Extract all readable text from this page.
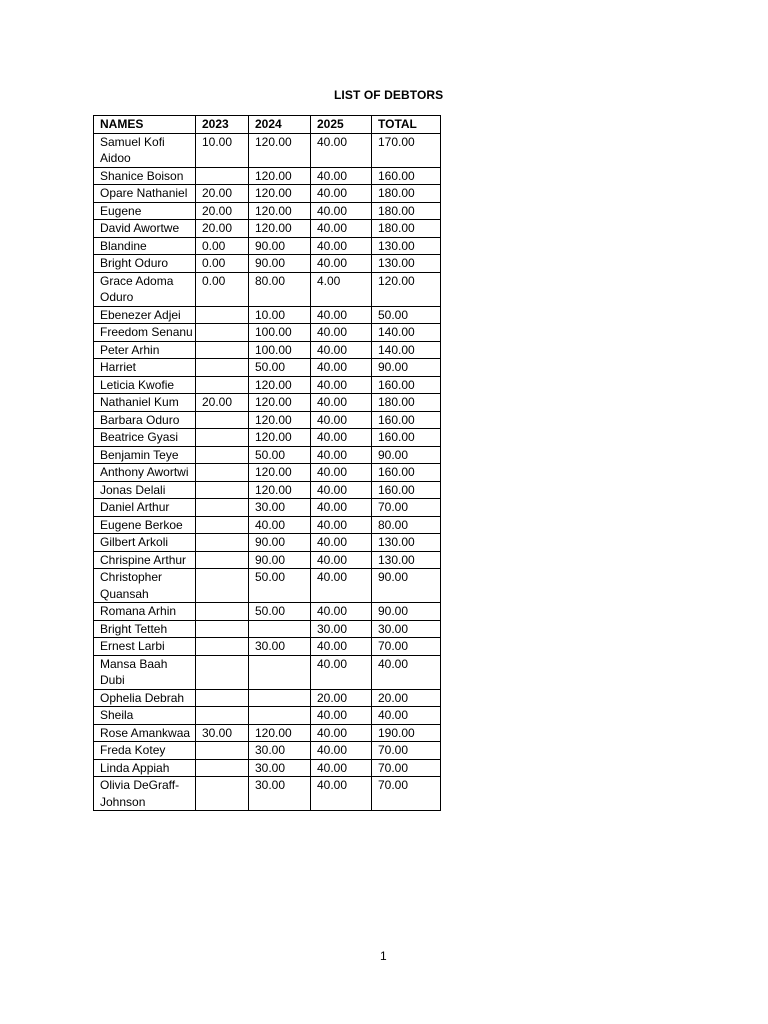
LIST OF DEBTORS
NAMES	2023	2024	2025	TOTAL
Samuel Kofi Aidoo	10.00	120.00	40.00	170.00
Shanice Boison		120.00	40.00	160.00
Opare Nathaniel	20.00	120.00	40.00	180.00
Eugene	20.00	120.00	40.00	180.00
David Awortwe	20.00	120.00	40.00	180.00
Blandine	0.00	90.00	40.00	130.00
Bright Oduro	0.00	90.00	40.00	130.00
Grace Adoma Oduro	0.00	80.00	4.00	120.00
Ebenezer Adjei		10.00	40.00	50.00
Freedom Senanu		100.00	40.00	140.00
Peter Arhin		100.00	40.00	140.00
Harriet		50.00	40.00	90.00
Leticia Kwofie		120.00	40.00	160.00
Nathaniel Kum	20.00	120.00	40.00	180.00
Barbara Oduro		120.00	40.00	160.00
Beatrice Gyasi		120.00	40.00	160.00
Benjamin Teye		50.00	40.00	90.00
Anthony Awortwi		120.00	40.00	160.00
Jonas Delali		120.00	40.00	160.00
Daniel Arthur		30.00	40.00	70.00
Eugene Berkoe		40.00	40.00	80.00
Gilbert Arkoli		90.00	40.00	130.00
Chrispine Arthur		90.00	40.00	130.00
Christopher Quansah		50.00	40.00	90.00
Romana Arhin		50.00	40.00	90.00
Bright Tetteh			30.00	30.00
Ernest Larbi		30.00	40.00	70.00
Mansa Baah Dubi			40.00	40.00
Ophelia Debrah			20.00	20.00
Sheila			40.00	40.00
Rose Amankwaa	30.00	120.00	40.00	190.00
Freda Kotey		30.00	40.00	70.00
Linda Appiah		30.00	40.00	70.00
Olivia DeGraff-Johnson		30.00	40.00	70.00
1
